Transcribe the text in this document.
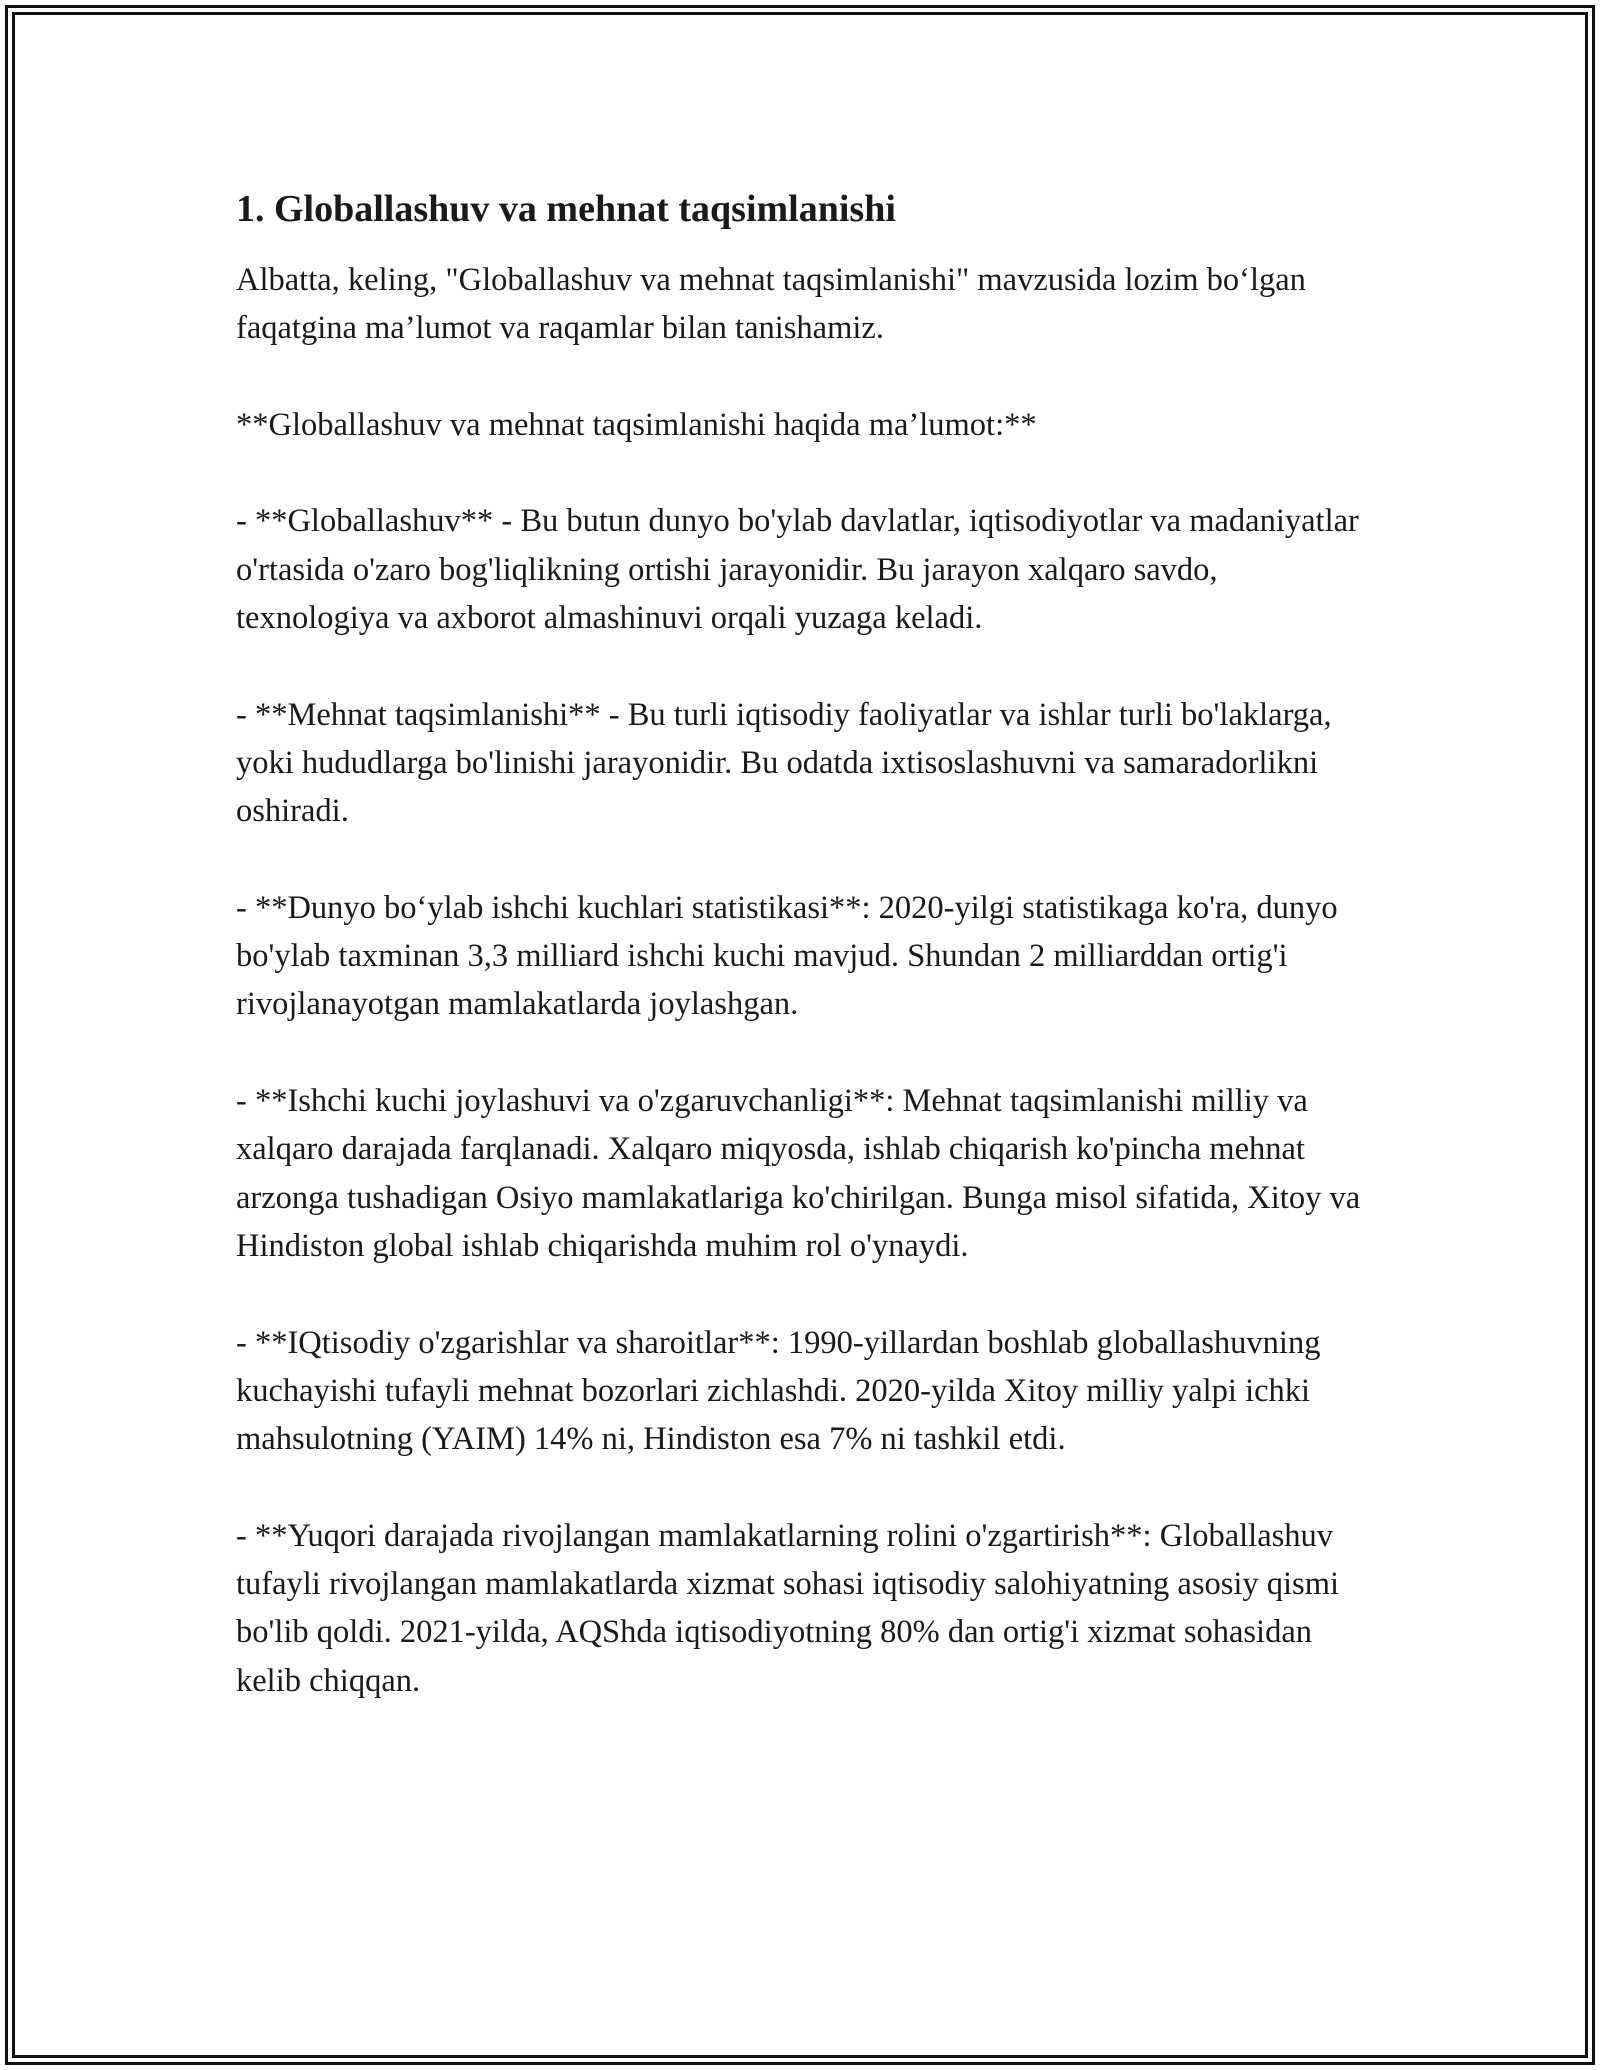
1. Globallashuv va mehnat taqsimlanishi
Albatta, keling, "Globallashuv va mehnat taqsimlanishi" mavzusida lozim bo‘lgan faqatgina ma’lumot va raqamlar bilan tanishamiz.
**Globallashuv va mehnat taqsimlanishi haqida ma’lumot:**
- **Globallashuv** - Bu butun dunyo bo'ylab davlatlar, iqtisodiyotlar va madaniyatlar o'rtasida o'zaro bog'liqlikning ortishi jarayonidir. Bu jarayon xalqaro savdo, texnologiya va axborot almashinuvi orqali yuzaga keladi.
- **Mehnat taqsimlanishi** - Bu turli iqtisodiy faoliyatlar va ishlar turli bo'laklarga, yoki hududlarga bo'linishi jarayonidir. Bu odatda ixtisoslashuvni va samaradorlikni oshiradi.
- **Dunyo bo‘ylab ishchi kuchlari statistikasi**: 2020-yilgi statistikaga ko'ra, dunyo bo'ylab taxminan 3,3 milliard ishchi kuchi mavjud. Shundan 2 milliarddan ortig'i rivojlanayotgan mamlakatlarda joylashgan.
- **Ishchi kuchi joylashuvi va o'zgaruvchanligi**: Mehnat taqsimlanishi milliy va xalqaro darajada farqlanadi. Xalqaro miqyosda, ishlab chiqarish ko'pincha mehnat arzonga tushadigan Osiyo mamlakatlariga ko'chirilgan. Bunga misol sifatida, Xitoy va Hindiston global ishlab chiqarishda muhim rol o'ynaydi.
- **IQtisodiy o'zgarishlar va sharoitlar**: 1990-yillardan boshlab globallashuvning kuchayishi tufayli mehnat bozorlari zichlashdi. 2020-yilda Xitoy milliy yalpi ichki mahsulotning (YAIM) 14% ni, Hindiston esa 7% ni tashkil etdi.
- **Yuqori darajada rivojlangan mamlakatlarning rolini o'zgartirish**: Globallashuv tufayli rivojlangan mamlakatlarda xizmat sohasi iqtisodiy salohiyatning asosiy qismi bo'lib qoldi. 2021-yilda, AQShda iqtisodiyotning 80% dan ortig'i xizmat sohasidan kelib chiqqan.
